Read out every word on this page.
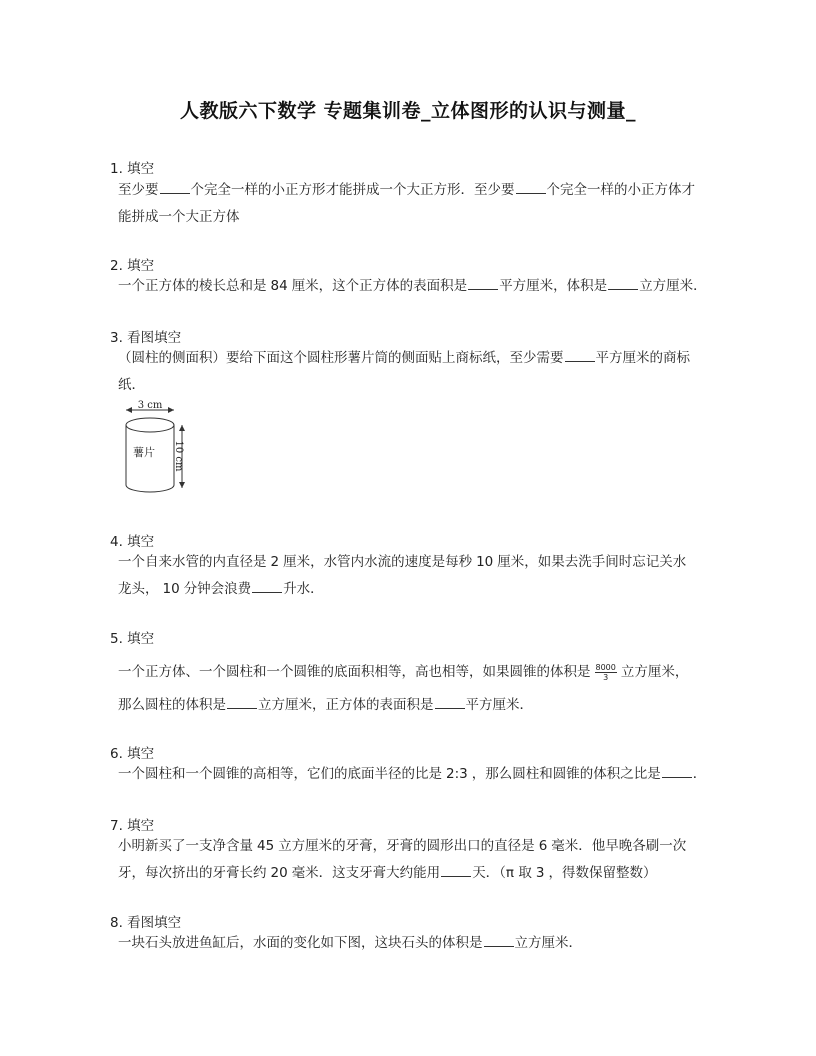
人教版六下数学 专题集训卷_立体图形的认识与测量_
1. 填空
至少要 个完全一样的小正方形才能拼成一个大正方形．至少要 个完全一样的小正方体才
能拼成一个大正方体
2. 填空
一个正方体的棱长总和是 84 厘米，这个正方体的表面积是 平方厘米，体积是 立方厘米．
3. 看图填空
（圆柱的侧面积）要给下面这个圆柱形薯片筒的侧面贴上商标纸，至少需要 平方厘米的商标
纸．
3 cm
薯片 10 cm
4. 填空
一个自来水管的内直径是 2 厘米，水管内水流的速度是每秒 10 厘米，如果去洗手间时忘记关水
龙头， 10 分钟会浪费 升水．
5. 填空
一个正方体、一个圆柱和一个圆锥的底面积相等，高也相等，如果圆锥的体积是 $\frac{8000}{3}$ 立方厘米，
那么圆柱的体积是 立方厘米，正方体的表面积是 平方厘米．
6. 填空
一个圆柱和一个圆锥的高相等，它们的底面半径的比是 2:3 ，那么圆柱和圆锥的体积之比是 ．
7. 填空
小明新买了一支净含量 45 立方厘米的牙膏，牙膏的圆形出口的直径是 6 毫米．他早晚各刷一次
牙，每次挤出的牙膏长约 20 毫米．这支牙膏大约能用 天．（π 取 3 ，得数保留整数）
8. 看图填空
一块石头放进鱼缸后，水面的变化如下图，这块石头的体积是 立方厘米．
